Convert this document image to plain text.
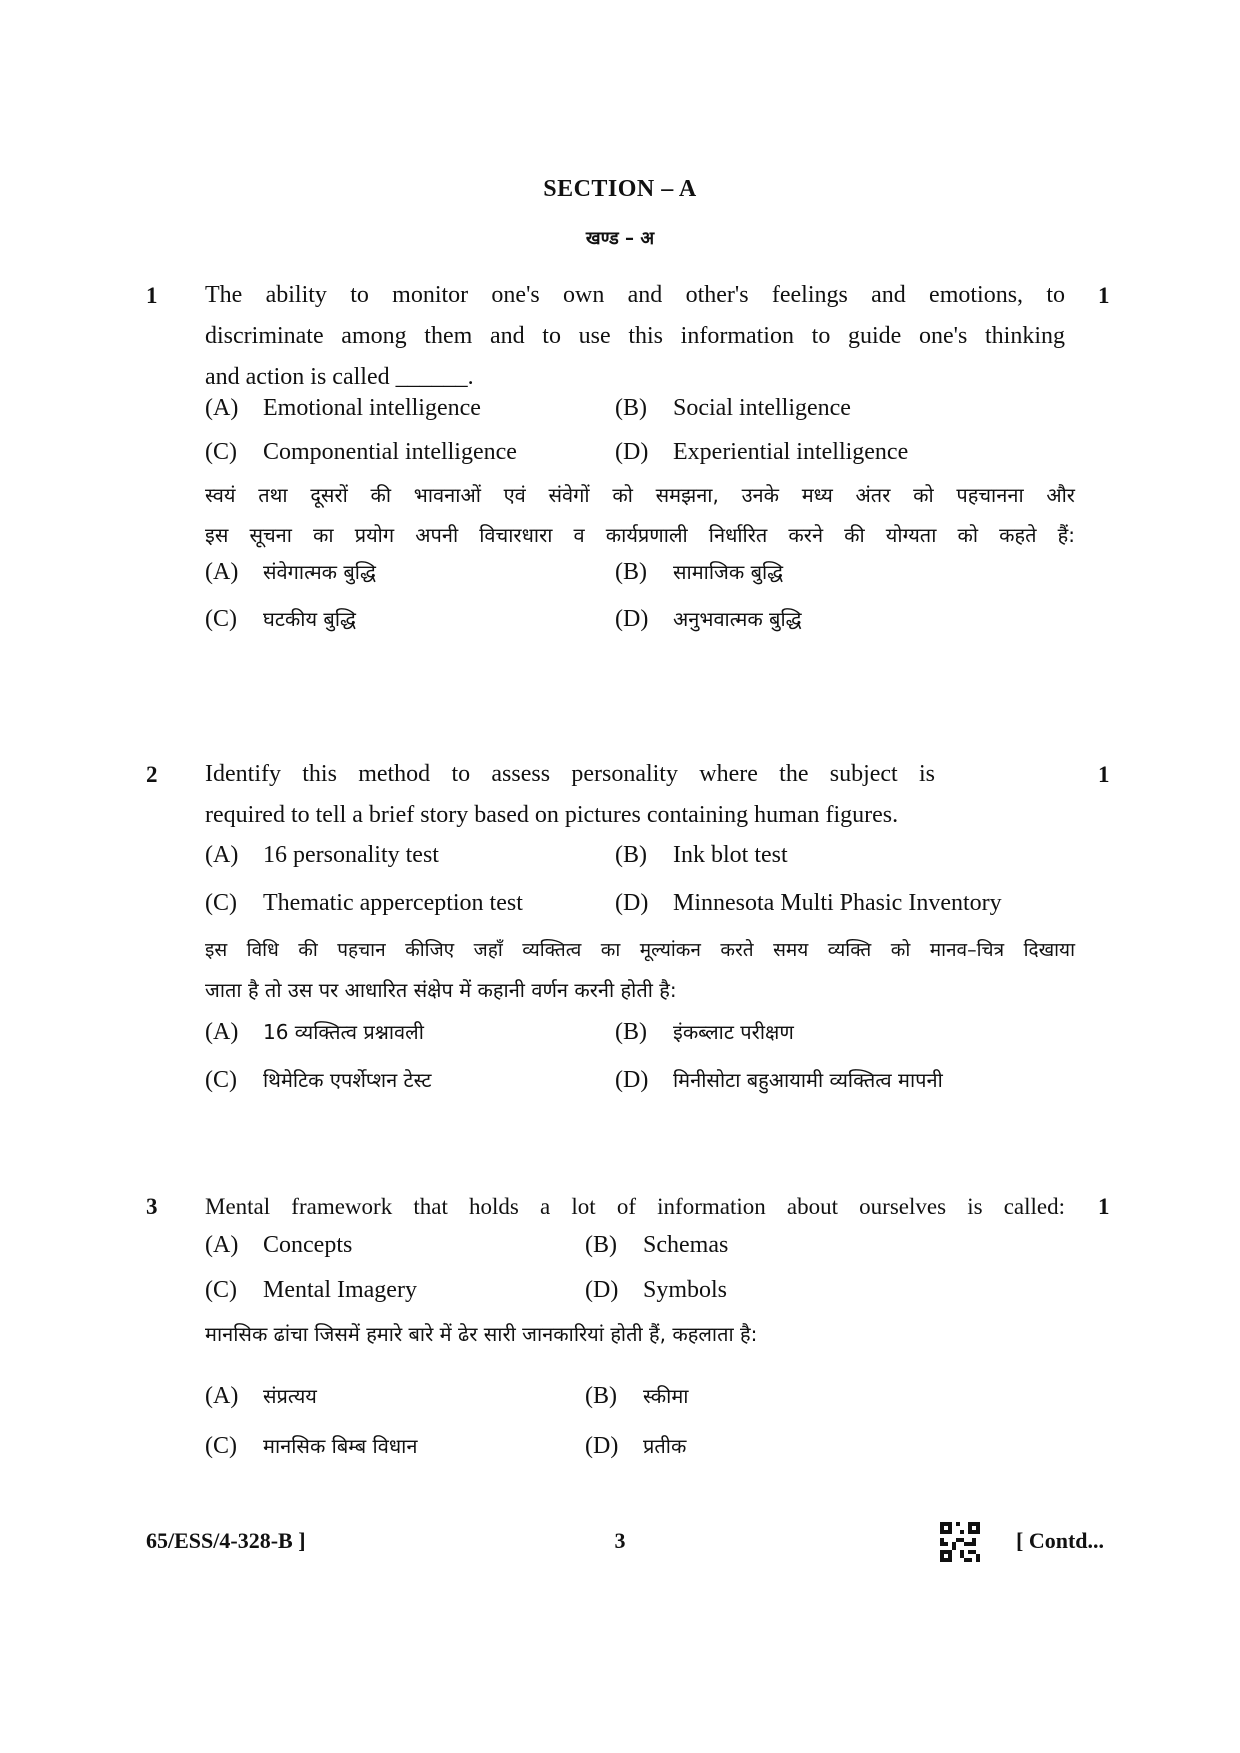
SECTION – A
खण्ड – अ
1	1
The ability to monitor one's own and other's feelings and emotions, to
discriminate among them and to use this information to guide one's thinking
and action is called ______.
(A) Emotional intelligence	(B) Social intelligence
(C) Componential intelligence	(D) Experiential intelligence
स्वयं तथा दूसरों की भावनाओं एवं संवेगों को समझना, उनके मध्य अंतर को पहचानना और
इस सूचना का प्रयोग अपनी विचारधारा व कार्यप्रणाली निर्धारित करने की योग्यता को कहते हैं:
(A) संवेगात्मक बुद्धि	(B) सामाजिक बुद्धि
(C) घटकीय बुद्धि	(D) अनुभवात्मक बुद्धि
2	1
Identify this method to assess personality where the subject is
required to tell a brief story based on pictures containing human figures.
(A) 16 personality test	(B) Ink blot test
(C) Thematic apperception test	(D) Minnesota Multi Phasic Inventory
इस विधि की पहचान कीजिए जहाँ व्यक्तित्व का मूल्यांकन करते समय व्यक्ति को मानव–चित्र दिखाया
जाता है तो उस पर आधारित संक्षेप में कहानी वर्णन करनी होती है:
(A) 16 व्यक्तित्व प्रश्नावली	(B) इंकब्लाट परीक्षण
(C) थिमेटिक एपर्शेप्शन टेस्ट	(D) मिनीसोटा बहुआयामी व्यक्तित्व मापनी
3	1
Mental framework that holds a lot of information about ourselves is called:
(A) Concepts	(B) Schemas
(C) Mental Imagery	(D) Symbols
मानसिक ढांचा जिसमें हमारे बारे में ढेर सारी जानकारियां होती हैं, कहलाता है:
(A) संप्रत्यय	(B) स्कीमा
(C) मानसिक बिम्ब विधान	(D) प्रतीक
65/ESS/4-328-B ]	3	[ Contd...
